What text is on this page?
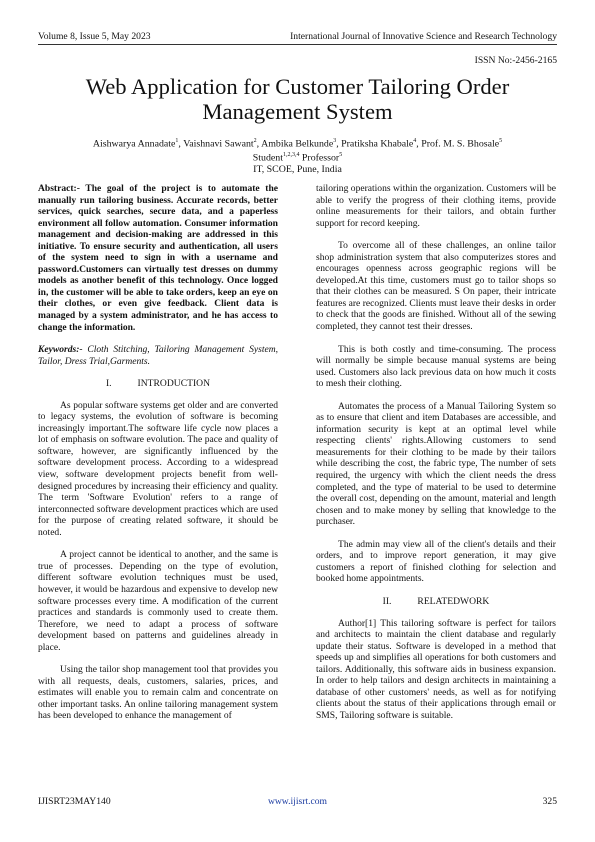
Volume 8, Issue 5, May 2023	International Journal of Innovative Science and Research Technology
ISSN No:-2456-2165
Web Application for Customer Tailoring Order Management System
Aishwarya Annadate$^1$, Vaishnavi Sawant$^2$, Ambika Belkunde$^3$, Pratiksha Khabale$^4$, Prof. M. S. Bhosale$^5$
Student$^{1,2,3,4}$ Professor$^5$
IT, SCOE, Pune, India

Abstract:- The goal of the project is to automate the manually run tailoring business. Accurate records, better services, quick searches, secure data, and a paperless environment all follow automation. Consumer information management and decision-making are addressed in this initiative. To ensure security and authentication, all users of the system need to sign in with a username and password.Customers can virtually test dresses on dummy models as another benefit of this technology. Once logged in, the customer will be able to take orders, keep an eye on their clothes, or even give feedback. Client data is managed by a system administrator, and he has access to change the information.

Keywords:- Cloth Stitching, Tailoring Management System, Tailor, Dress Trial,Garments.

I.	INTRODUCTION

As popular software systems get older and are converted to legacy systems, the evolution of software is becoming increasingly important.The software life cycle now places a lot of emphasis on software evolution. The pace and quality of software, however, are significantly influenced by the software development process. According to a widespread view, software development projects benefit from well-designed procedures by increasing their efficiency and quality. The term 'Software Evolution' refers to a range of interconnected software development practices which are used for the purpose of creating related software, it should be noted.

A project cannot be identical to another, and the same is true of processes. Depending on the type of evolution, different software evolution techniques must be used, however, it would be hazardous and expensive to develop new software processes every time. A modification of the current practices and standards is commonly used to create them. Therefore, we need to adapt a process of software development based on patterns and guidelines already in place.

Using the tailor shop management tool that provides you with all requests, deals, customers, salaries, prices, and estimates will enable you to remain calm and concentrate on other important tasks. An online tailoring management system has been developed to enhance the management of

tailoring operations within the organization. Customers will be able to verify the progress of their clothing items, provide online measurements for their tailors, and obtain further support for record keeping.

To overcome all of these challenges, an online tailor shop administration system that also computerizes stores and encourages openness across geographic regions will be developed.At this time, customers must go to tailor shops so that their clothes can be measured. S On paper, their intricate features are recognized. Clients must leave their desks in order to check that the goods are finished. Without all of the sewing completed, they cannot test their dresses.

This is both costly and time-consuming. The process will normally be simple because manual systems are being used. Customers also lack previous data on how much it costs to mesh their clothing.

Automates the process of a Manual Tailoring System so as to ensure that client and item Databases are accessible, and information security is kept at an optimal level while respecting clients' rights.Allowing customers to send measurements for their clothing to be made by their tailors while describing the cost, the fabric type, The number of sets required, the urgency with which the client needs the dress completed, and the type of material to be used to determine the overall cost, depending on the amount, material and length chosen and to make money by selling that knowledge to the purchaser.

The admin may view all of the client's details and their orders, and to improve report generation, it may give customers a report of finished clothing for selection and booked home appointments.

II.	RELATEDWORK

Author[1] This tailoring software is perfect for tailors and architects to maintain the client database and regularly update their status. Software is developed in a method that speeds up and simplifies all operations for both customers and tailors. Additionally, this software aids in business expansion. In order to help tailors and design architects in maintaining a database of other customers' needs, as well as for notifying clients about the status of their applications through email or SMS, Tailoring software is suitable.

IJISRT23MAY140	www.ijisrt.com	325
